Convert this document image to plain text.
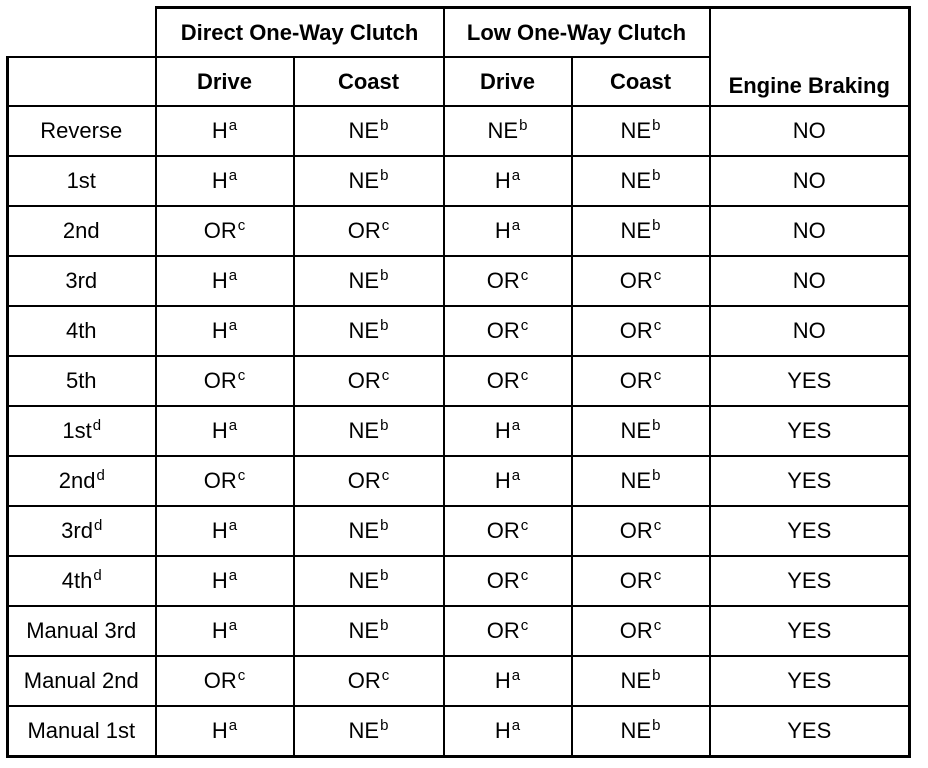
	Direct One-Way Clutch		Low One-Way Clutch		Engine Braking
	Drive	Coast	Drive	Coast	
Reverse	$H^a$	$NE^b$	$NE^b$	$NE^b$	NO
1st	$H^a$	$NE^b$	$H^a$	$NE^b$	NO
2nd	$OR^c$	$OR^c$	$H^a$	$NE^b$	NO
3rd	$H^a$	$NE^b$	$OR^c$	$OR^c$	NO
4th	$H^a$	$NE^b$	$OR^c$	$OR^c$	NO
5th	$OR^c$	$OR^c$	$OR^c$	$OR^c$	YES
$1st^d$	$H^a$	$NE^b$	$H^a$	$NE^b$	YES
$2nd^d$	$OR^c$	$OR^c$	$H^a$	$NE^b$	YES
$3rd^d$	$H^a$	$NE^b$	$OR^c$	$OR^c$	YES
$4th^d$	$H^a$	$NE^b$	$OR^c$	$OR^c$	YES
Manual 3rd	$H^a$	$NE^b$	$OR^c$	$OR^c$	YES
Manual 2nd	$OR^c$	$OR^c$	$H^a$	$NE^b$	YES
Manual 1st	$H^a$	$NE^b$	$H^a$	$NE^b$	YES
